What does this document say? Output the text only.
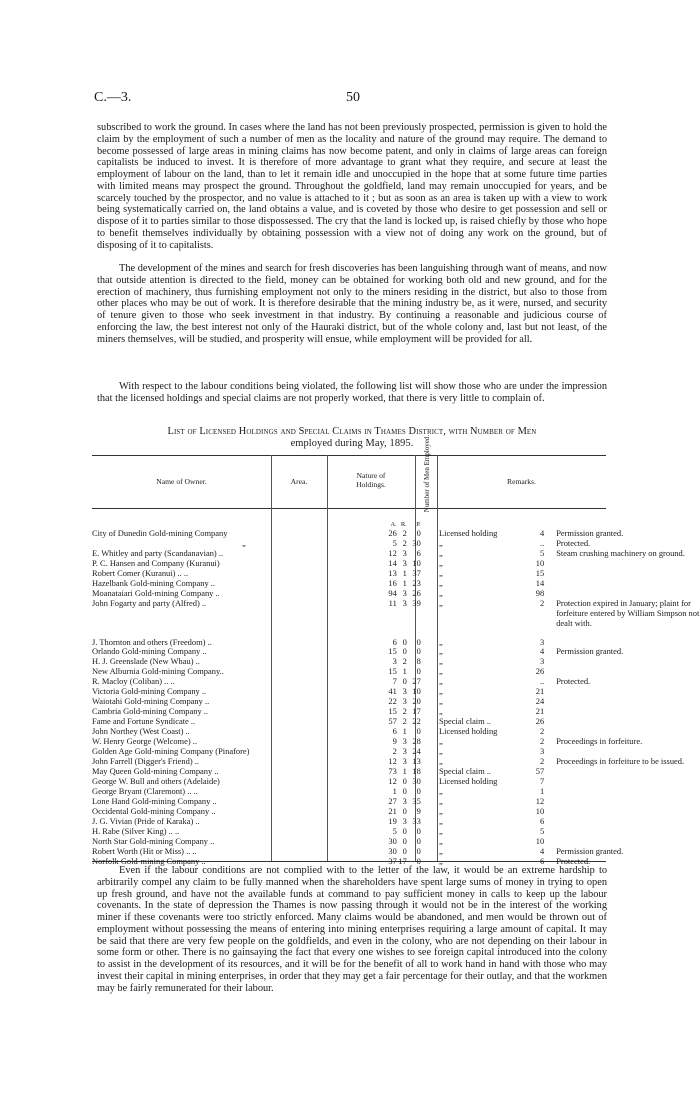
C.—3.	50

subscribed to work the ground. In cases where the land has not been previously prospected, permission is given to hold the claim by the employment of such a number of men as the locality and nature of the ground may require. The demand to become possessed of large areas in mining claims has now become patent, and only in claims of large areas can foreign capitalists be induced to invest. It is therefore of more advantage to grant what they require, and secure at least the employment of labour on the land, than to let it remain idle and unoccupied in the hope that at some future time parties with limited means may prospect the ground. Throughout the goldfield, land may remain unoccupied for years, and be scarcely touched by the prospector, and no value is attached to it ; but as soon as an area is taken up with a view to work being systematically carried on, the land obtains a value, and is coveted by those who desire to get possession and sell or dispose of it to parties similar to those dispossessed. The cry that the land is locked up, is raised chiefly by those who hope to benefit themselves individually by obtaining possession with a view not of doing any work on the ground, but of disposing of it to capitalists.

The development of the mines and search for fresh discoveries has been languishing through want of means, and now that outside attention is directed to the field, money can be obtained for working both old and new ground, and for the erection of machinery, thus furnishing employment not only to the miners residing in the district, but also to those from other places who may be out of work. It is therefore desirable that the mining industry be, as it were, nursed, and security of tenure given to those who seek investment in that industry. By continuing a reasonable and judicious course of enforcing the law, the best interest not only of the Hauraki district, but of the whole colony and, last but not least, of the miners themselves, will be studied, and prosperity will ensue, while employment will be provided for all.

With respect to the labour conditions being violated, the following list will show those who are under the impression that the licensed holdings and special claims are not properly worked, that there is very little to complain of.

List of Licensed Holdings and Special Claims in Thames District, with Number of Men
employed during May, 1895.
Name of Owner.	Area.
Nature of Holdings.	Number of Men Employed.	Remarks.
	A. R. P.			
City of Dunedin Gold-mining Company	26 2 0	Licensed holding	4	Permission granted.
„	5 2 30	„	..	Protected.
E. Whitley and party (Scandanavian) ..	12 3 6	„	5	Steam crushing machinery on ground.
P. C. Hansen and Company (Kuranui)	14 3 10	„	10	
Robert Comer (Kuranui) .. ..	13 1 37	„	15	
Hazelbank Gold-mining Company ..	16 1 23	„	14	
Moanataiari Gold-mining Company ..	94 3 26	„	98	
John Fogarty and party (Alfred) ..	11 3 39	„	2	Protection expired in January; plaint for forfeiture entered by William Simpson not dealt with.

J. Thornton and others (Freedom) ..	6 0 0	„	3	
Orlando Gold-mining Company ..	15 0 0	„	4	Permission granted.
H. J. Greenslade (New Whau) ..	3 2 8	„	3	
New Alburnia Gold-mining Company..	15 1 0	„	26	
R. Macloy (Coliban) .. ..	7 0 27	„	..	Protected.
Victoria Gold-mining Company ..	41 3 10	„	21	
Waiotahi Gold-mining Company ..	22 3 20	„	24	
Cambria Gold-mining Company ..	15 2 17	„	21	
Fame and Fortune Syndicate ..	57 2 22	Special claim ..	26	
John Northey (West Coast) ..	6 1 0	Licensed holding	2	
W. Henry George (Welcome) ..	9 3 28	„	2	Proceedings in forfeiture.
Golden Age Gold-mining Company (Pinafore)	2 3 24	„	3	
John Farrell (Digger's Friend) ..	12 3 13	„	2	Proceedings in forfeiture to be issued.
May Queen Gold-mining Company ..	73 1 18	Special claim ..	57	
George W. Bull and others (Adelaide)	12 0 30	Licensed holding	7	
George Bryant (Claremont) .. ..	1 0 0	„	1	
Lone Hand Gold-mining Company ..	27 3 35	„	12	
Occidental Gold-mining Company ..	21 0 9	„	10	
J. G. Vivian (Pride of Karaka) ..	19 3 33	„	6	
H. Rabe (Silver King) .. ..	5 0 0	„	5	
North Star Gold-mining Company ..	30 0 0	„	10	
Robert Worth (Hit or Miss) .. ..	30 0 0	„	4	Permission granted.
Norfolk Gold-mining Company ..	37 17 0	„	6	Protected.

Even if the labour conditions are not complied with to the letter of the law, it would be an extreme hardship to arbitrarily compel any claim to be fully manned when the shareholders have spent large sums of money in trying to open up fresh ground, and have not the available funds at command to pay sufficient money in calls to keep up the labour covenants. In the state of depression the Thames is now passing through it would not be in the interest of the working miner if these covenants were too strictly enforced. Many claims would be abandoned, and men would be thrown out of employment without possessing the means of entering into mining enterprises requiring a large amount of capital. It may be said that there are very few people on the goldfields, and even in the colony, who are not depending on their labour in some form or other. There is no gainsaying the fact that every one wishes to see foreign capital introduced into the colony to assist in the development of its resources, and it will be for the benefit of all to work hand in hand with those who may invest their capital in mining enterprises, in order that they may get a fair percentage for their outlay, and that the workmen may be fairly remunerated for their labour.
